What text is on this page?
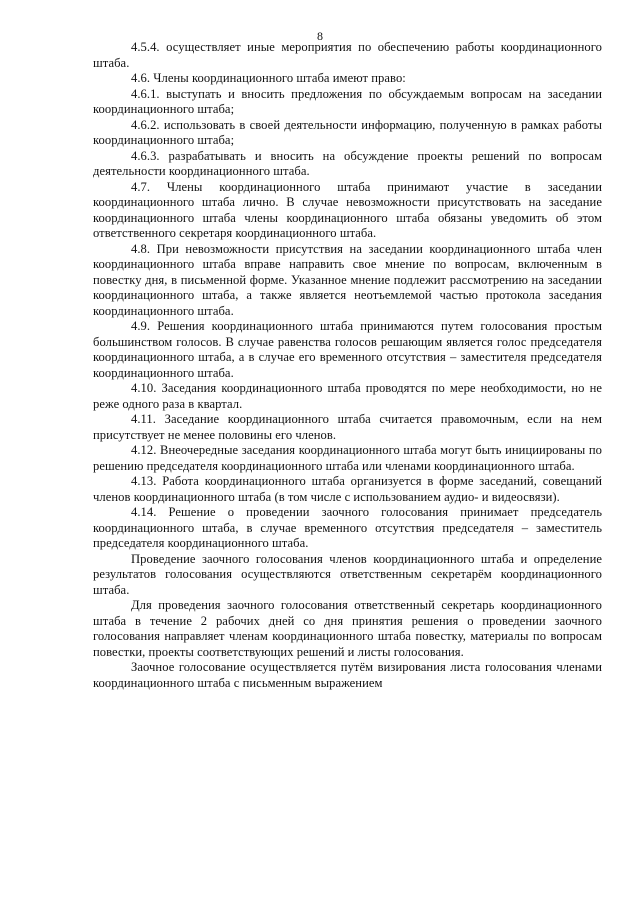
8

4.5.4. осуществляет иные мероприятия по обеспечению работы координационного штаба.

4.6. Члены координационного штаба имеют право:

4.6.1. выступать и вносить предложения по обсуждаемым вопросам на заседании координационного штаба;

4.6.2. использовать в своей деятельности информацию, полученную в рамках работы координационного штаба;

4.6.3. разрабатывать и вносить на обсуждение проекты решений по вопросам деятельности координационного штаба.

4.7. Члены координационного штаба принимают участие в заседании координационного штаба лично. В случае невозможности присутствовать на заседание координационного штаба члены координационного штаба обязаны уведомить об этом ответственного секретаря координационного штаба.

4.8. При невозможности присутствия на заседании координационного штаба член координационного штаба вправе направить свое мнение по вопросам, включенным в повестку дня, в письменной форме. Указанное мнение подлежит рассмотрению на заседании координационного штаба, а также является неотъемлемой частью протокола заседания координационного штаба.

4.9. Решения координационного штаба принимаются путем голосования простым большинством голосов. В случае равенства голосов решающим является голос председателя координационного штаба, а в случае его временного отсутствия – заместителя председателя координационного штаба.

4.10. Заседания координационного штаба проводятся по мере необходимости, но не реже одного раза в квартал.

4.11. Заседание координационного штаба считается правомочным, если на нем присутствует не менее половины его членов.

4.12. Внеочередные заседания координационного штаба могут быть инициированы по решению председателя координационного штаба или членами координационного штаба.

4.13. Работа координационного штаба организуется в форме заседаний, совещаний членов координационного штаба (в том числе с использованием аудио- и видеосвязи).

4.14. Решение о проведении заочного голосования принимает председатель координационного штаба, в случае временного отсутствия председателя – заместитель председателя координационного штаба.

Проведение заочного голосования членов координационного штаба и определение результатов голосования осуществляются ответственным секретарём координационного штаба.

Для проведения заочного голосования ответственный секретарь координационного штаба в течение 2 рабочих дней со дня принятия решения о проведении заочного голосования направляет членам координационного штаба повестку, материалы по вопросам повестки, проекты соответствующих решений и листы голосования.

Заочное голосование осуществляется путём визирования листа голосования членами координационного штаба с письменным выражением
